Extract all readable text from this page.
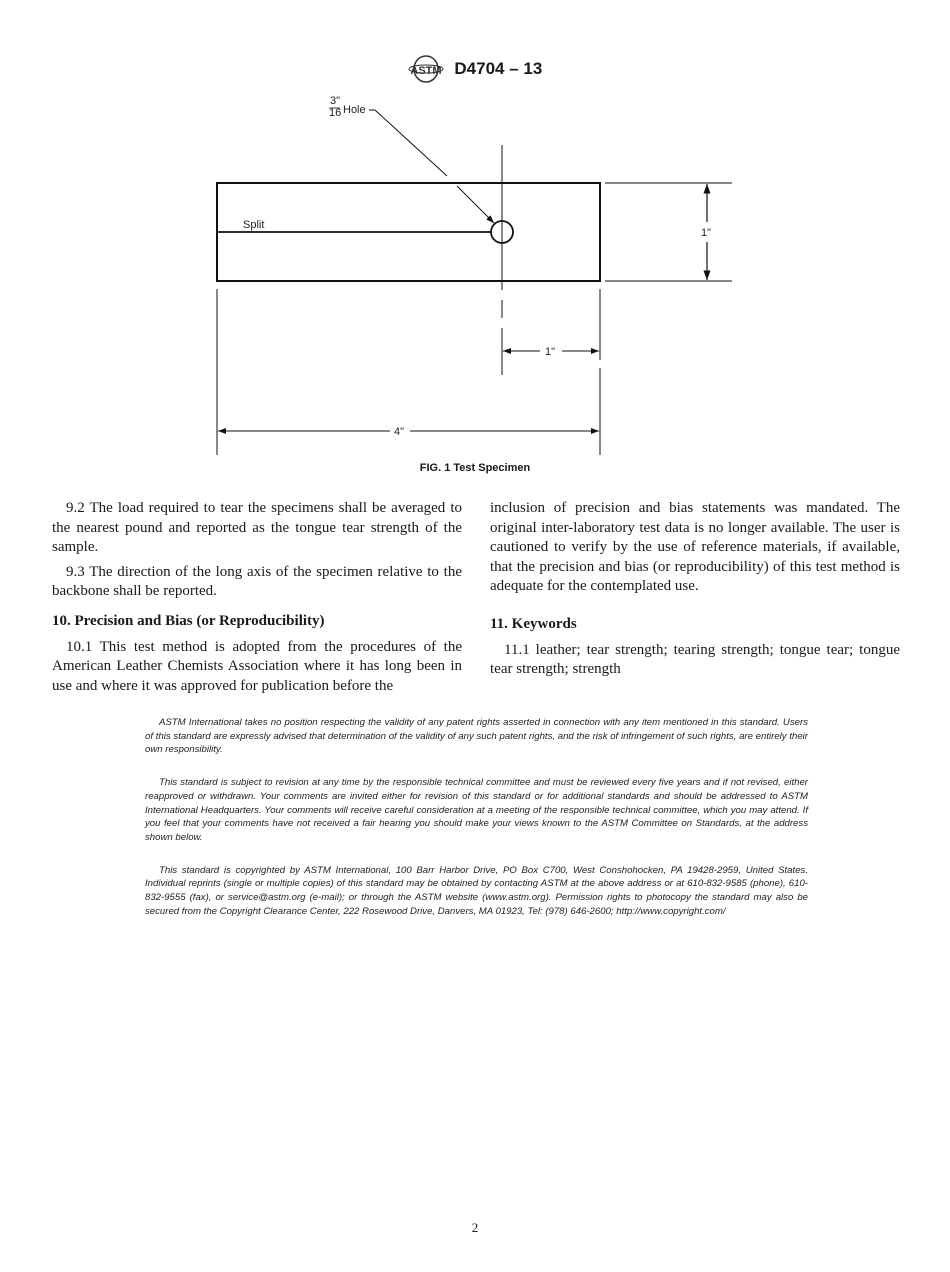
ASTM D4704 – 13
3"
16 Hole
Split
1"
1"
4"
FIG. 1 Test Specimen

9.2 The load required to tear the specimens shall be averaged to the nearest pound and reported as the tongue tear strength of the sample.

9.3 The direction of the long axis of the specimen relative to the backbone shall be reported.

10. Precision and Bias (or Reproducibility)

10.1 This test method is adopted from the procedures of the American Leather Chemists Association where it has long been in use and where it was approved for publication before the

inclusion of precision and bias statements was mandated. The original inter-laboratory test data is no longer available. The user is cautioned to verify by the use of reference materials, if available, that the precision and bias (or reproducibility) of this test method is adequate for the contemplated use.

11. Keywords

11.1 leather; tear strength; tearing strength; tongue tear; tongue tear strength; strength

ASTM International takes no position respecting the validity of any patent rights asserted in connection with any item mentioned in this standard. Users of this standard are expressly advised that determination of the validity of any such patent rights, and the risk of infringement of such rights, are entirely their own responsibility.

This standard is subject to revision at any time by the responsible technical committee and must be reviewed every five years and if not revised, either reapproved or withdrawn. Your comments are invited either for revision of this standard or for additional standards and should be addressed to ASTM International Headquarters. Your comments will receive careful consideration at a meeting of the responsible technical committee, which you may attend. If you feel that your comments have not received a fair hearing you should make your views known to the ASTM Committee on Standards, at the address shown below.

This standard is copyrighted by ASTM International, 100 Barr Harbor Drive, PO Box C700, West Conshohocken, PA 19428-2959, United States. Individual reprints (single or multiple copies) of this standard may be obtained by contacting ASTM at the above address or at 610-832-9585 (phone), 610-832-9555 (fax), or service@astm.org (e-mail); or through the ASTM website (www.astm.org). Permission rights to photocopy the standard may also be secured from the Copyright Clearance Center, 222 Rosewood Drive, Danvers, MA 01923, Tel: (978) 646-2600; http://www.copyright.com/

2
